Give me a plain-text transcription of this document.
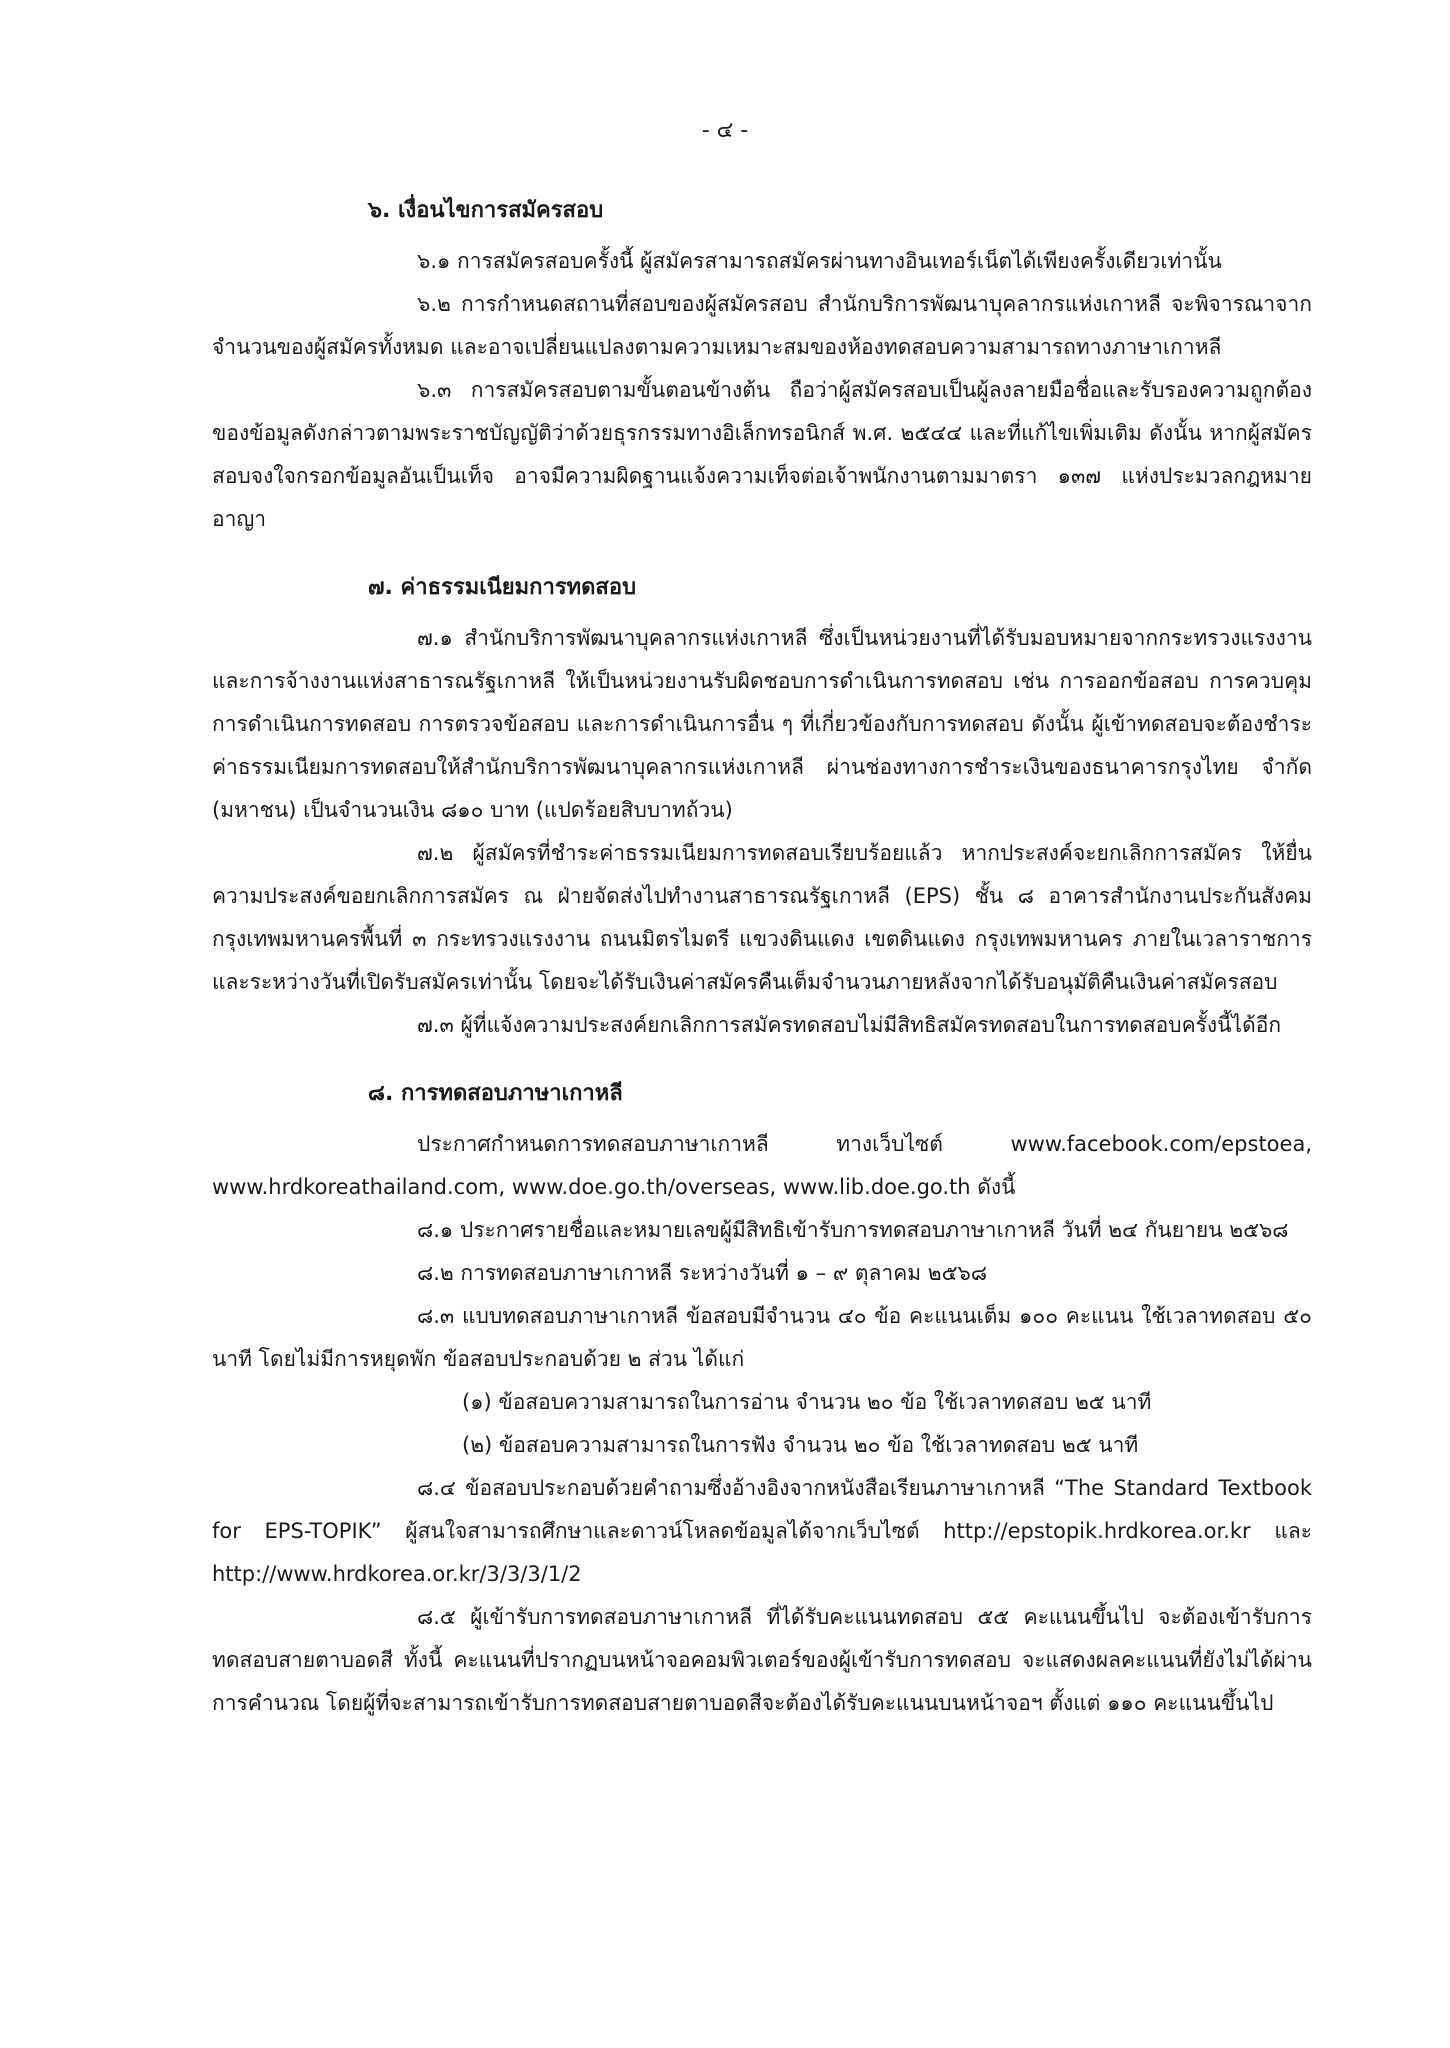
- ๔ -
๖. เงื่อนไขการสมัครสอบ

๖.๑ การสมัครสอบครั้งนี้ ผู้สมัครสามารถสมัครผ่านทางอินเทอร์เน็ตได้เพียงครั้งเดียวเท่านั้น

๖.๒ การกำหนดสถานที่สอบของผู้สมัครสอบ สำนักบริการพัฒนาบุคลากรแห่งเกาหลี จะพิจารณาจากจำนวนของผู้สมัครทั้งหมด และอาจเปลี่ยนแปลงตามความเหมาะสมของห้องทดสอบความสามารถทางภาษาเกาหลี

๖.๓ การสมัครสอบตามขั้นตอนข้างต้น ถือว่าผู้สมัครสอบเป็นผู้ลงลายมือชื่อและรับรองความถูกต้องของข้อมูลดังกล่าวตามพระราชบัญญัติว่าด้วยธุรกรรมทางอิเล็กทรอนิกส์ พ.ศ. ๒๕๔๔ และที่แก้ไขเพิ่มเติม ดังนั้น หากผู้สมัครสอบจงใจกรอกข้อมูลอันเป็นเท็จ อาจมีความผิดฐานแจ้งความเท็จต่อเจ้าพนักงานตามมาตรา ๑๓๗ แห่งประมวลกฎหมายอาญา

๗. ค่าธรรมเนียมการทดสอบ

๗.๑ สำนักบริการพัฒนาบุคลากรแห่งเกาหลี ซึ่งเป็นหน่วยงานที่ได้รับมอบหมายจากกระทรวงแรงงานและการจ้างงานแห่งสาธารณรัฐเกาหลี ให้เป็นหน่วยงานรับผิดชอบการดำเนินการทดสอบ เช่น การออกข้อสอบ การควบคุม การดำเนินการทดสอบ การตรวจข้อสอบ และการดำเนินการอื่น ๆ ที่เกี่ยวข้องกับการทดสอบ ดังนั้น ผู้เข้าทดสอบจะต้องชำระค่าธรรมเนียมการทดสอบให้สำนักบริการพัฒนาบุคลากรแห่งเกาหลี ผ่านช่องทางการชำระเงินของธนาคารกรุงไทย จำกัด (มหาชน) เป็นจำนวนเงิน ๘๑๐ บาท (แปดร้อยสิบบาทถ้วน)

๗.๒ ผู้สมัครที่ชำระค่าธรรมเนียมการทดสอบเรียบร้อยแล้ว หากประสงค์จะยกเลิกการสมัคร ให้ยื่นความประสงค์ขอยกเลิกการสมัคร ณ ฝ่ายจัดส่งไปทำงานสาธารณรัฐเกาหลี (EPS) ชั้น ๘ อาคารสำนักงานประกันสังคมกรุงเทพมหานครพื้นที่ ๓ กระทรวงแรงงาน ถนนมิตรไมตรี แขวงดินแดง เขตดินแดง กรุงเทพมหานคร ภายในเวลาราชการและระหว่างวันที่เปิดรับสมัครเท่านั้น โดยจะได้รับเงินค่าสมัครคืนเต็มจำนวนภายหลังจากได้รับอนุมัติคืนเงินค่าสมัครสอบ

๗.๓ ผู้ที่แจ้งความประสงค์ยกเลิกการสมัครทดสอบไม่มีสิทธิสมัครทดสอบในการทดสอบครั้งนี้ได้อีก

๘. การทดสอบภาษาเกาหลี

ประกาศกำหนดการทดสอบภาษาเกาหลี ทางเว็บไซต์ www.facebook.com/epstoea, www.hrdkoreathailand.com, www.doe.go.th/overseas, www.lib.doe.go.th ดังนี้

๘.๑ ประกาศรายชื่อและหมายเลขผู้มีสิทธิเข้ารับการทดสอบภาษาเกาหลี วันที่ ๒๔ กันยายน ๒๕๖๘

๘.๒ การทดสอบภาษาเกาหลี ระหว่างวันที่ ๑ – ๙ ตุลาคม ๒๕๖๘

๘.๓ แบบทดสอบภาษาเกาหลี ข้อสอบมีจำนวน ๔๐ ข้อ คะแนนเต็ม ๑๐๐ คะแนน ใช้เวลาทดสอบ ๕๐ นาที โดยไม่มีการหยุดพัก ข้อสอบประกอบด้วย ๒ ส่วน ได้แก่

(๑) ข้อสอบความสามารถในการอ่าน จำนวน ๒๐ ข้อ ใช้เวลาทดสอบ ๒๕ นาที

(๒) ข้อสอบความสามารถในการฟัง จำนวน ๒๐ ข้อ ใช้เวลาทดสอบ ๒๕ นาที

๘.๔ ข้อสอบประกอบด้วยคำถามซึ่งอ้างอิงจากหนังสือเรียนภาษาเกาหลี “The Standard Textbook for EPS-TOPIK” ผู้สนใจสามารถศึกษาและดาวน์โหลดข้อมูลได้จากเว็บไซต์ http://epstopik.hrdkorea.or.kr และ http://www.hrdkorea.or.kr/3/3/3/1/2

๘.๕ ผู้เข้ารับการทดสอบภาษาเกาหลี ที่ได้รับคะแนนทดสอบ ๕๕ คะแนนขึ้นไป จะต้องเข้ารับการทดสอบสายตาบอดสี ทั้งนี้ คะแนนที่ปรากฏบนหน้าจอคอมพิวเตอร์ของผู้เข้ารับการทดสอบ จะแสดงผลคะแนนที่ยังไม่ได้ผ่านการคำนวณ โดยผู้ที่จะสามารถเข้ารับการทดสอบสายตาบอดสีจะต้องได้รับคะแนนบนหน้าจอฯ ตั้งแต่ ๑๑๐ คะแนนขึ้นไป
